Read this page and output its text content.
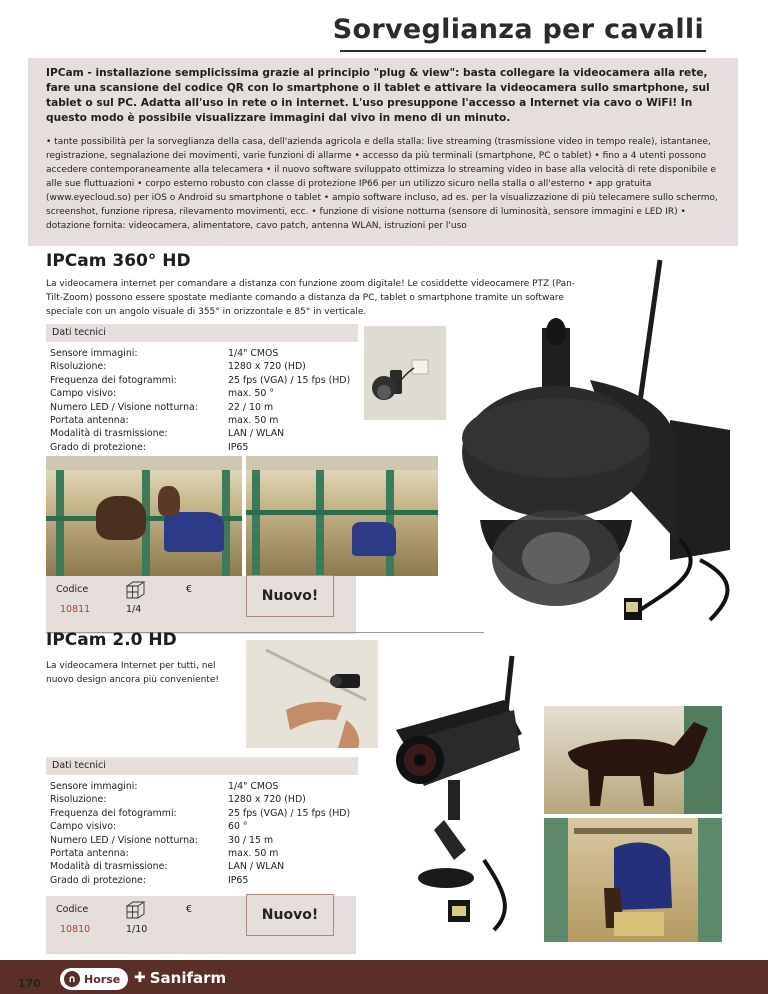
Sorveglianza per cavalli
IPCam - installazione semplicissima grazie al principio "plug & view": basta collegare la videocamera alla rete, fare una scansione del codice QR con lo smartphone o il tablet e attivare la videocamera sullo smartphone, sul tablet o sul PC. Adatta all'uso in rete o in internet. L'uso presuppone l'accesso a Internet via cavo o WiFi! In questo modo è possibile visualizzare immagini dal vivo in meno di un minuto.
• tante possibilità per la sorveglianza della casa, dell'azienda agricola e della stalla: live streaming (trasmissione video in tempo reale), istantanee, registrazione, segnalazione dei movimenti, varie funzioni di allarme • accesso da più terminali (smartphone, PC o tablet) • fino a 4 utenti possono accedere contemporaneamente alla telecamera • il nuovo software sviluppato ottimizza lo streaming video in base alla velocità di rete disponibile e alle sue fluttuazioni • corpo esterno robusto con classe di protezione IP66 per un utilizzo sicuro nella stalla o all'esterno • app gratuita (www.eyecloud.so) per iOS o Android su smartphone o tablet • ampio software incluso, ad es. per la visualizzazione di più telecamere sullo schermo, screenshot, funzione ripresa, rilevamento movimenti, ecc. • funzione di visione notturna (sensore di luminosità, sensore immagini e LED IR) • dotazione fornita: videocamera, alimentatore, cavo patch, antenna WLAN, istruzioni per l'uso
IPCam 360° HD
La videocamera internet per comandare a distanza con funzione zoom digitale! Le cosiddette videocamere PTZ (Pan-Tilt-Zoom) possono essere spostate mediante comando a distanza da PC, tablet o smartphone tramite un software speciale con un angolo visuale di 355° in orizzontale e 85° in verticale.
Dati tecnici
Sensore immagini:	1/4" CMOS
Risoluzione:	1280 x 720 (HD)
Frequenza dei fotogrammi:	25 fps (VGA) / 15 fps (HD)
Campo visivo:	max. 50 °
Numero LED / Visione notturna:	22 / 10 m
Portata antenna:	max. 50 m
Modalità di trasmissione:	LAN / WLAN
Grado di protezione:	IP65
Codice	€
10811	1/4
Nuovo!
IPCam 2.0 HD
La videocamera Internet per tutti, nel nuovo design ancora più conveniente!
Dati tecnici
Sensore immagini:	1/4" CMOS
Risoluzione:	1280 x 720 (HD)
Frequenza dei fotogrammi:	25 fps (VGA) / 15 fps (HD)
Campo visivo:	60 °
Numero LED / Visione notturna:	30 / 15 m
Portata antenna:	max. 50 m
Modalità di trasmissione:	LAN / WLAN
Grado di protezione:	IP65
Codice	€
10810	1/10
Nuovo!
170	∩ Horse ✚ Sanifarm
